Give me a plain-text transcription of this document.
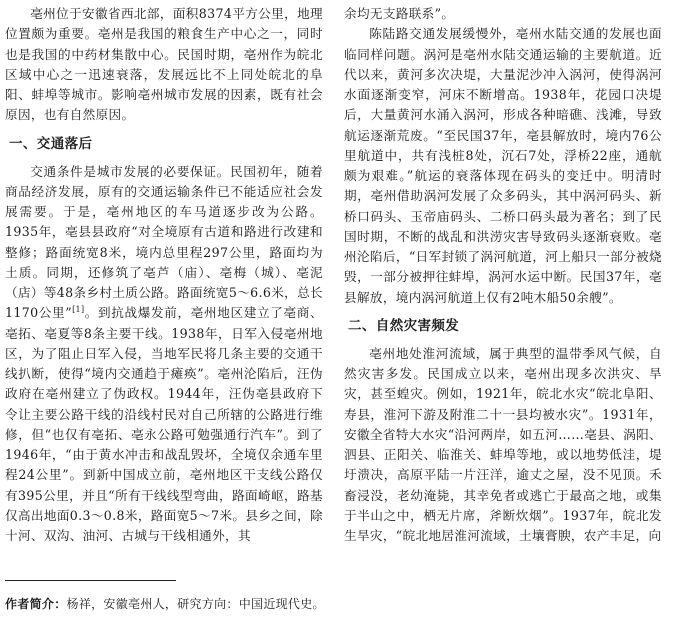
亳州位于安徽省西北部，面积8374平方公里，地理位置颇为重要。亳州是我国的粮食生产中心之一，同时也是我国的中药材集散中心。民国时期，亳州作为皖北区域中心之一迅速衰落，发展远比不上同处皖北的阜阳、蚌埠等城市。影响亳州城市发展的因素，既有社会原因，也有自然原因。

一、交通落后

交通条件是城市发展的必要保证。民国初年，随着商品经济发展，原有的交通运输条件已不能适应社会发展需要。于是，亳州地区的车马道逐步改为公路。1935年，亳县县政府“对全境原有古道和路进行改建和整修；路面统宽8米，境内总里程297公里，路面均为土质。同期，还修筑了亳芦（庙）、亳梅（城）、亳泥（店）等48条乡村土质公路。路面统宽5～6.6米，总长1170公里”[1]。到抗战爆发前，亳州地区建立了亳商、亳拓、亳夏等8条主要干线。1938年，日军入侵亳州地区，为了阻止日军入侵，当地军民将几条主要的交通干线扒断，使得“境内交通趋于瘫痪”。亳州沦陷后，汪伪政府在亳州建立了伪政权。1944年，汪伪亳县政府下令让主要公路干线的沿线村民对自己所辖的公路进行维修，但“也仅有亳拓、亳永公路可勉强通行汽车”。到了1946年，“由于黄水冲击和战乱毁坏，全境仅余通车里程24公里”。到新中国成立前，亳州地区干支线公路仅有395公里，并且“所有干线线型弯曲，路面崎岖，路基仅高出地面0.3～0.8米，路面宽5～7米。县乡之间，除十河、双沟、油河、古城与干线相通外，其

余均无支路联系”。

陈陆路交通发展缓慢外，亳州水陆交通的发展也面临同样问题。涡河是亳州水陆交通运输的主要航道。近代以来，黄河多次决堤，大量泥沙冲入涡河，使得涡河水面逐渐变窄，河床不断增高。1938年，花园口决堤后，大量黄河水涌入涡河，形成各种暗礁、浅滩，导致航运逐渐荒废。“至民国37年，亳县解放时，境内76公里航道中，共有浅桩8处，沉石7处，浮桥22座，通航颇为艰难。”航运的衰落体现在码头的变迁中。明清时期，亳州借助涡河发展了众多码头，其中涡河码头、新桥口码头、玉帝庙码头、二桥口码头最为著名；到了民国时期，不断的战乱和洪涝灾害导致码头逐渐衰败。亳州沦陷后，“日军封锁了涡河航道，河上船只一部分被烧毁，一部分被押往蚌埠，涡河水运中断。民国37年，亳县解放，境内涡河航道上仅有2吨木船50余艘”。

二、自然灾害频发

亳州地处淮河流域，属于典型的温带季风气候，自然灾害多发。民国成立以来，亳州出现多次洪灾、旱灾，甚至蝗灾。例如，1921年，皖北水灾“皖北阜阳、寿县，淮河下游及附淮二十一县均被水灾”。1931年，安徽全省特大水灾“沿河两岸，如五河……亳县、涡阳、泗县、正阳关、临淮关、蚌埠等地，或以地势低洼，堤圩溃决，高原平陆一片汪洋，逾丈之屋，没不见顶。禾畜浸没，老幼淹毙，其幸免者或逃亡于最高之地，或集于半山之中，栖无片席，斧断炊烟”。1937年，皖北发生旱灾，“皖北地居淮河流域，土壤膏腴，农产丰足，向

作者简介：杨祥，安徽亳州人，研究方向：中国近现代史。
